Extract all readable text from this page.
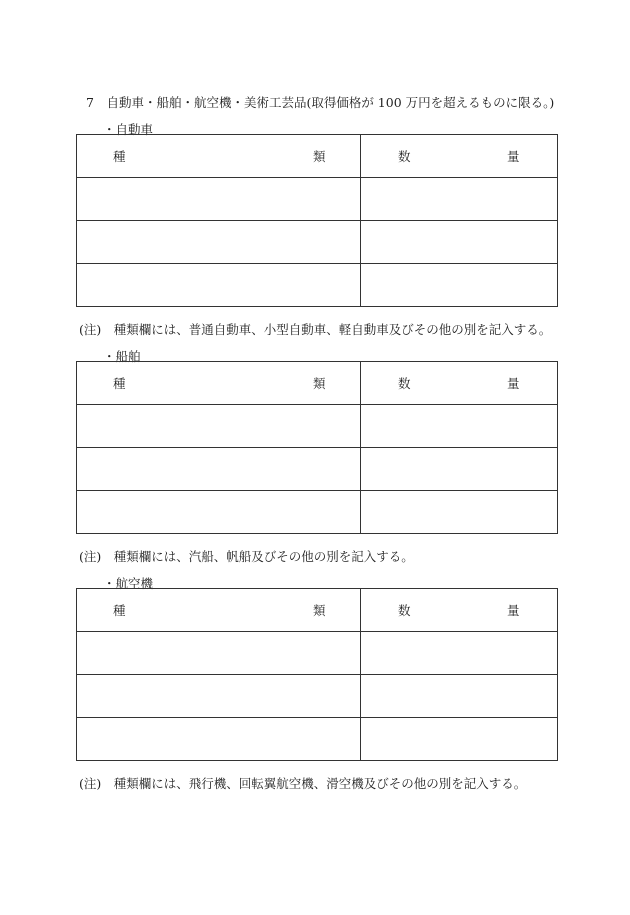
7　自動車・船舶・航空機・美術工芸品(取得価格が 100 万円を超えるものに限る。)
・自動車
種 類	数 量

(注)　種類欄には、普通自動車、小型自動車、軽自動車及びその他の別を記入する。
・船舶
種 類	数 量

(注)　種類欄には、汽船、帆船及びその他の別を記入する。
・航空機
種 類	数 量

(注)　種類欄には、飛行機、回転翼航空機、滑空機及びその他の別を記入する。
